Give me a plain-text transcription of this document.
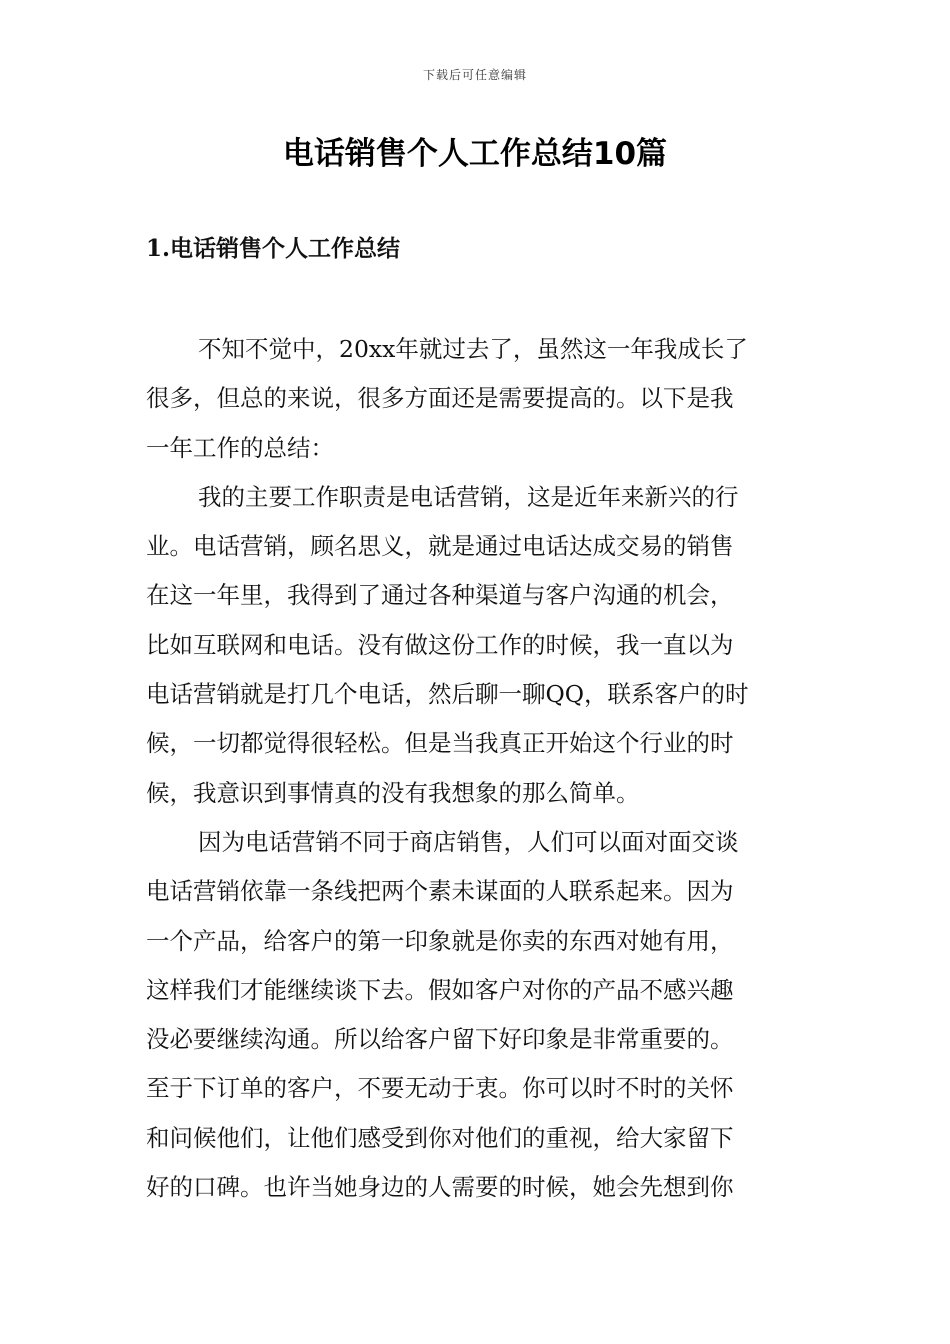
下载后可任意编辑
电话销售个人工作总结10篇
1.电话销售个人工作总结
不知不觉中，20xx年就过去了，虽然这一年我成长了
很多，但总的来说，很多方面还是需要提高的。以下是我
一年工作的总结：
我的主要工作职责是电话营销，这是近年来新兴的行
业。电话营销，顾名思义，就是通过电话达成交易的销售
在这一年里，我得到了通过各种渠道与客户沟通的机会，
比如互联网和电话。没有做这份工作的时候，我一直以为
电话营销就是打几个电话，然后聊一聊QQ，联系客户的时
候，一切都觉得很轻松。但是当我真正开始这个行业的时
候，我意识到事情真的没有我想象的那么简单。
因为电话营销不同于商店销售，人们可以面对面交谈
电话营销依靠一条线把两个素未谋面的人联系起来。因为
一个产品，给客户的第一印象就是你卖的东西对她有用，
这样我们才能继续谈下去。假如客户对你的产品不感兴趣
没必要继续沟通。所以给客户留下好印象是非常重要的。
至于下订单的客户，不要无动于衷。你可以时不时的关怀
和问候他们，让他们感受到你对他们的重视，给大家留下
好的口碑。也许当她身边的人需要的时候，她会先想到你
